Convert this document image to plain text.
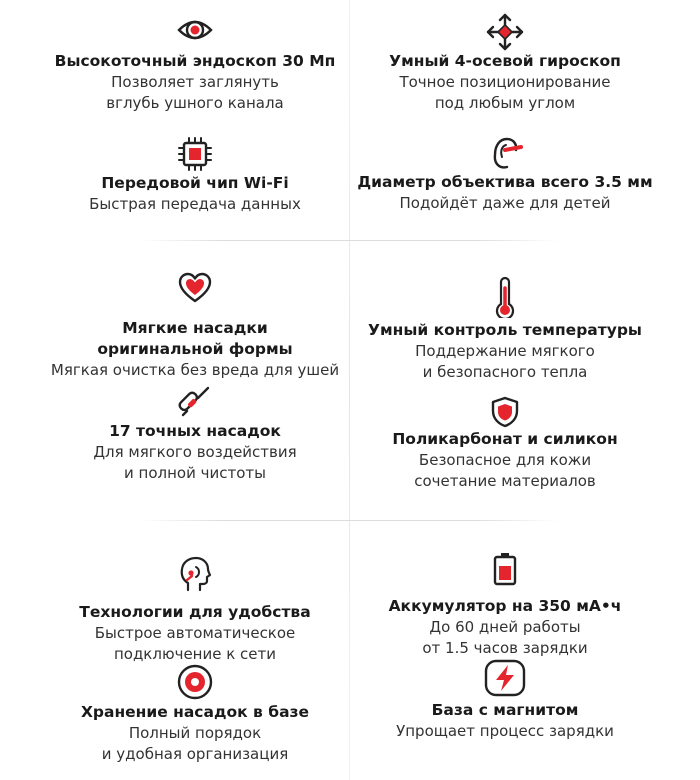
Высокоточный эндоскоп 30 Мп
Позволяет заглянуть
вглубь ушного канала
Умный 4-осевой гироскоп
Точное позиционирование
под любым углом
Передовой чип Wi-Fi
Быстрая передача данных
Диаметр объектива всего 3.5 мм
Подойдёт даже для детей
Мягкие насадки
оригинальной формы
Мягкая очистка без вреда для ушей
Умный контроль температуры
Поддержание мягкого
и безопасного тепла
17 точных насадок
Для мягкого воздействия
и полной чистоты
Поликарбонат и силикон
Безопасное для кожи
сочетание материалов
Технологии для удобства
Быстрое автоматическое
подключение к сети
Аккумулятор на 350 мА•ч
До 60 дней работы
от 1.5 часов зарядки
Хранение насадок в базе
Полный порядок
и удобная организация
База с магнитом
Упрощает процесс зарядки
